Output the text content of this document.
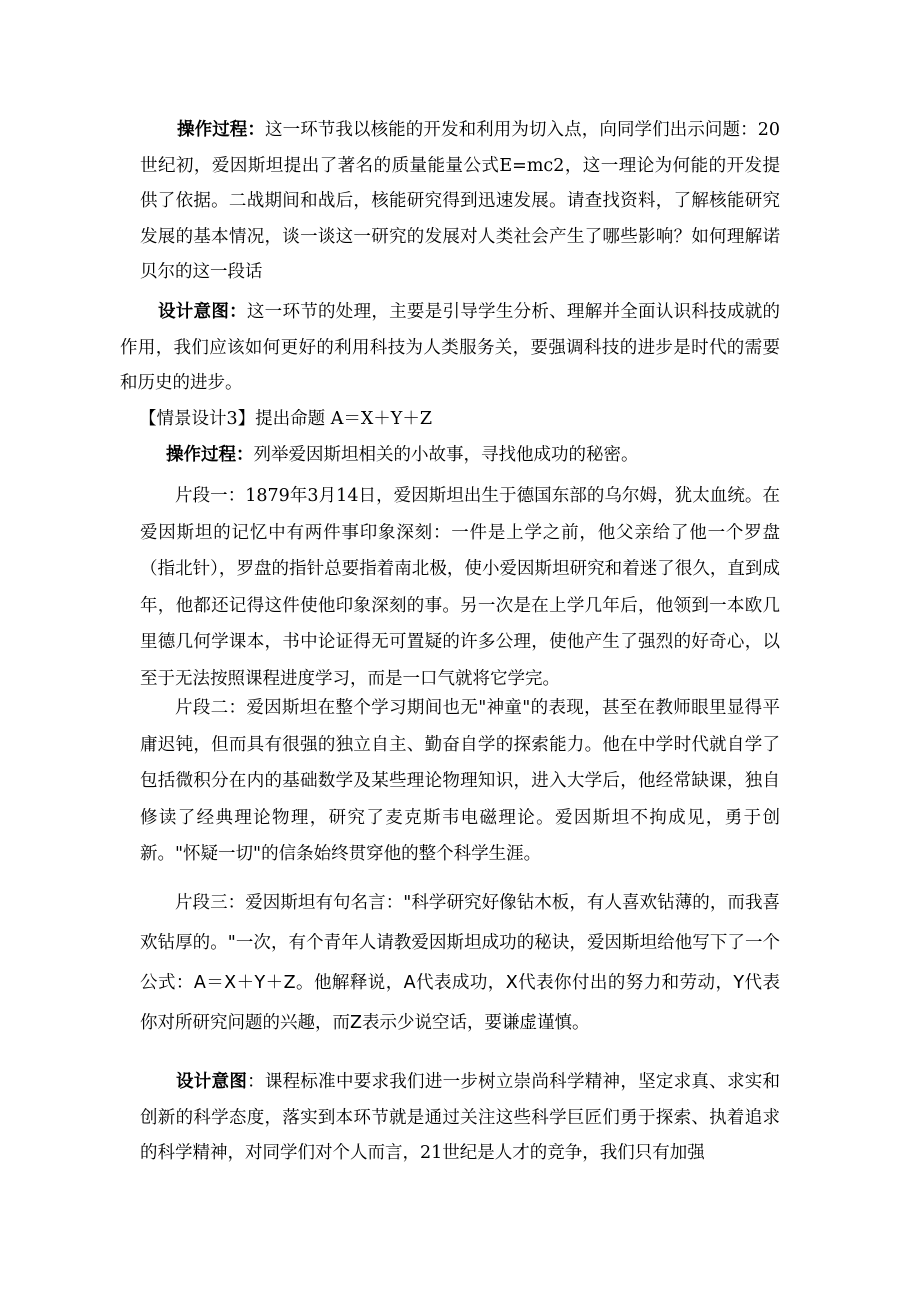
操作过程：这一环节我以核能的开发和利用为切入点，向同学们出示问题：20世纪初，爱因斯坦提出了著名的质量能量公式E=mc2，这一理论为何能的开发提供了依据。二战期间和战后，核能研究得到迅速发展。请查找资料，了解核能研究发展的基本情况，谈一谈这一研究的发展对人类社会产生了哪些影响？如何理解诺贝尔的这一段话

设计意图：这一环节的处理，主要是引导学生分析、理解并全面认识科技成就的作用，我们应该如何更好的利用科技为人类服务关，要强调科技的进步是时代的需要和历史的进步。

【情景设计3】提出命题 A＝X＋Y＋Z

操作过程：列举爱因斯坦相关的小故事，寻找他成功的秘密。

片段一：1879年3月14日，爱因斯坦出生于德国东部的乌尔姆，犹太血统。在爱因斯坦的记忆中有两件事印象深刻：一件是上学之前，他父亲给了他一个罗盘（指北针），罗盘的指针总要指着南北极，使小爱因斯坦研究和着迷了很久，直到成年，他都还记得这件使他印象深刻的事。另一次是在上学几年后，他领到一本欧几里德几何学课本，书中论证得无可置疑的许多公理，使他产生了强烈的好奇心，以至于无法按照课程进度学习，而是一口气就将它学完。

片段二：爱因斯坦在整个学习期间也无"神童"的表现，甚至在教师眼里显得平庸迟钝，但而具有很强的独立自主、勤奋自学的探索能力。他在中学时代就自学了包括微积分在内的基础数学及某些理论物理知识，进入大学后，他经常缺课，独自修读了经典理论物理，研究了麦克斯韦电磁理论。爱因斯坦不拘成见，勇于创新。"怀疑一切"的信条始终贯穿他的整个科学生涯。

片段三：爱因斯坦有句名言："科学研究好像钻木板，有人喜欢钻薄的，而我喜欢钻厚的。"一次，有个青年人请教爱因斯坦成功的秘诀，爱因斯坦给他写下了一个公式：A＝X＋Y＋Z。他解释说，A代表成功，X代表你付出的努力和劳动，Y代表你对所研究问题的兴趣，而Z表示少说空话，要谦虚谨慎。

设计意图：课程标准中要求我们进一步树立崇尚科学精神，坚定求真、求实和创新的科学态度，落实到本环节就是通过关注这些科学巨匠们勇于探索、执着追求的科学精神，对同学们对个人而言，21世纪是人才的竞争，我们只有加强
